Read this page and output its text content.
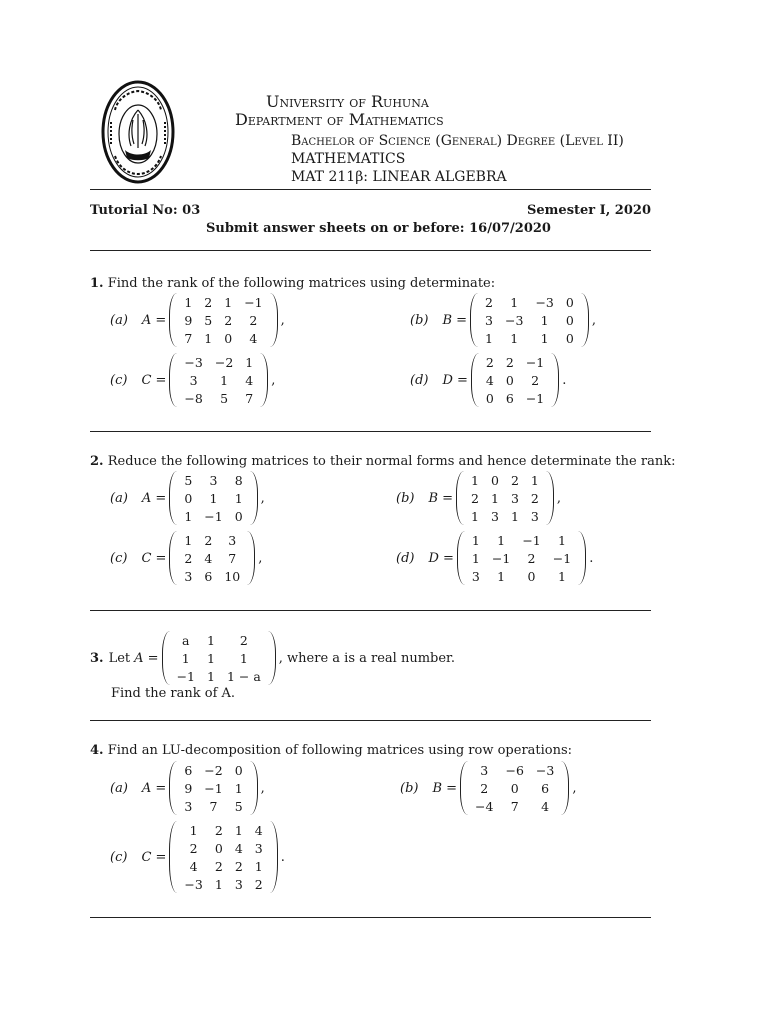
University of Ruhuna
Department of Mathematics
Bachelor of Science (General) Degree (Level II)
MATHEMATICS
MAT 211β: LINEAR ALGEBRA
Tutorial No: 03	Semester I, 2020
Submit answer sheets on or before: 16/07/2020
1. Find the rank of the following matrices using determinate:
(a) A =
1	2	1	−1
9	5	2	2
7	1	0	4
,	(b) B =
2	1	−3	0
3	−3	1	0
1	1	1	0
,
(c) C =
−3	−2	1
3	1	4
−8	5	7
,	(d) D =
2	2	−1
4	0	2
0	6	−1
.
2. Reduce the following matrices to their normal forms and hence determinate the rank:
(a) A =
5	3	8
0	1	1
1	−1	0
,	(b) B =
1	0	2	1
2	1	3	2
1	3	1	3
,
(c) C =
1	2	3
2	4	7
3	6	10
,	(d) D =
1	1	−1	1
1	−1	2	−1
3	1	0	1
.
3. Let A =
a	1	2
1	1	1
−1	1	1 − a
, where a is a real number.
Find the rank of A.
4. Find an LU-decomposition of following matrices using row operations:
(a) A =
6	−2	0
9	−1	1
3	7	5
,	(b) B =
3	−6	−3
2	0	6
−4	7	4
,
(c) C =
1	2	1	4
2	0	4	3
4	2	2	1
−3	1	3	2
.
